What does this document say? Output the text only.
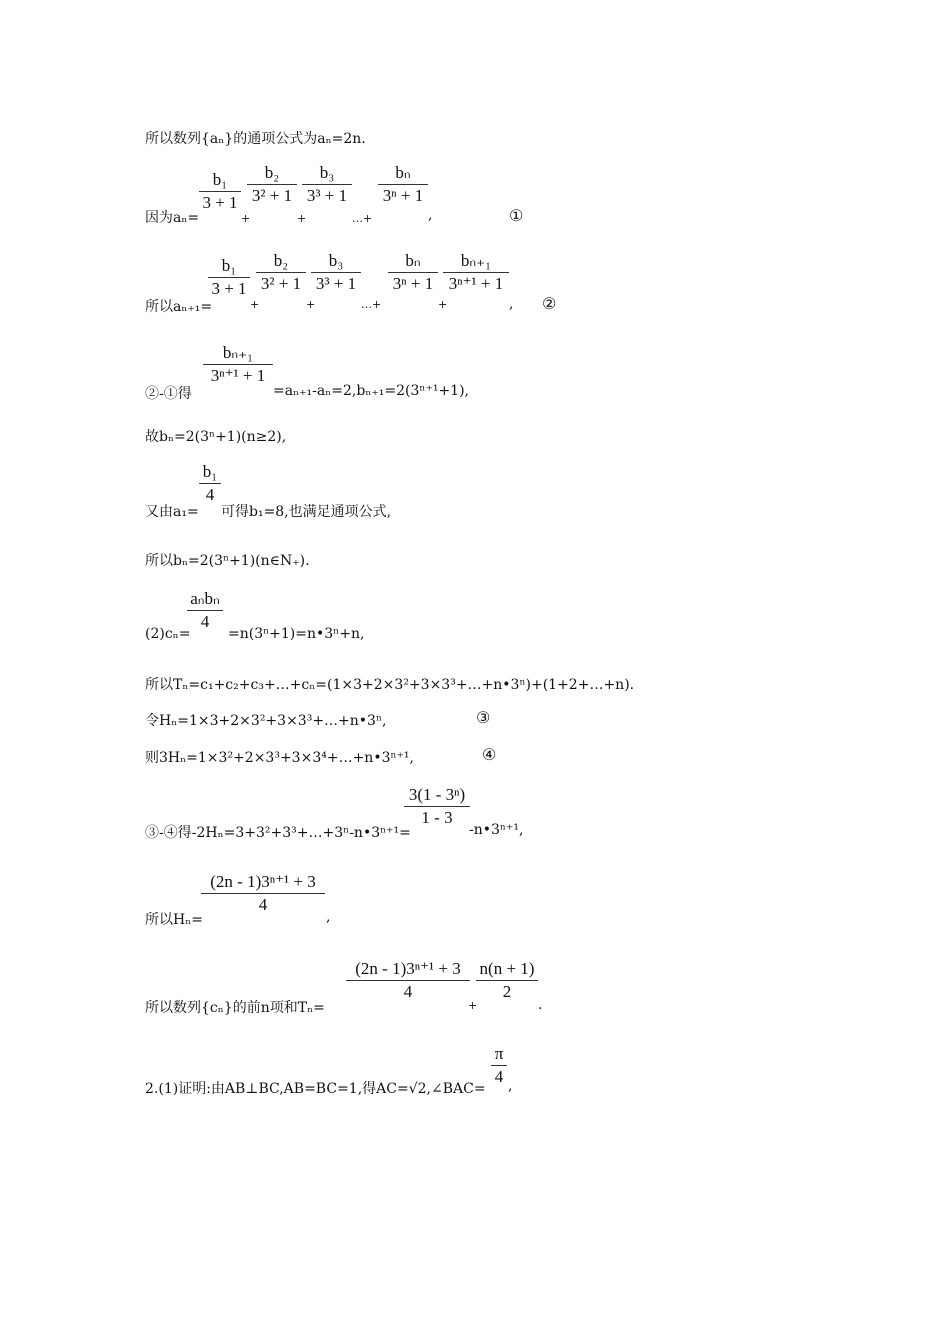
所以数列{aₙ}的通项公式为aₙ=2n.
因为aₙ=
b₁
3 + 1
+
b₂
3² + 1
+
b₃
3³ + 1
…+
bₙ
3ⁿ + 1
,	①
所以aₙ₊₁=
b₁
3 + 1
+
b₂
3² + 1
+
b₃
3³ + 1
…+
bₙ
3ⁿ + 1
+
bₙ₊₁
3ⁿ⁺¹ + 1
, ②
②-①得
bₙ₊₁
3ⁿ⁺¹ + 1
=aₙ₊₁-aₙ=2,bₙ₊₁=2(3ⁿ⁺¹+1),
故bₙ=2(3ⁿ+1)(n≥2),
又由a₁=
b₁
4
可得b₁=8,也满足通项公式,
所以bₙ=2(3ⁿ+1)(n∈N₊).
(2)cₙ=
aₙbₙ
4
=n(3ⁿ+1)=n•3ⁿ+n,
所以Tₙ=c₁+c₂+c₃+…+cₙ=(1×3+2×3²+3×3³+…+n•3ⁿ)+(1+2+…+n).
令Hₙ=1×3+2×3²+3×3³+…+n•3ⁿ,	③
则3Hₙ=1×3²+2×3³+3×3⁴+…+n•3ⁿ⁺¹,	④
③-④得-2Hₙ=3+3²+3³+…+3ⁿ-n•3ⁿ⁺¹=
3(1 - 3ⁿ)
1 - 3
-n•3ⁿ⁺¹,
所以Hₙ=
(2n - 1)3ⁿ⁺¹ + 3
4
,
所以数列{cₙ}的前n项和Tₙ=
(2n - 1)3ⁿ⁺¹ + 3
4
+
n(n + 1)
2
.
2.(1)证明:由AB⊥BC,AB=BC=1,得AC=√2,∠BAC=
π
4 ,
